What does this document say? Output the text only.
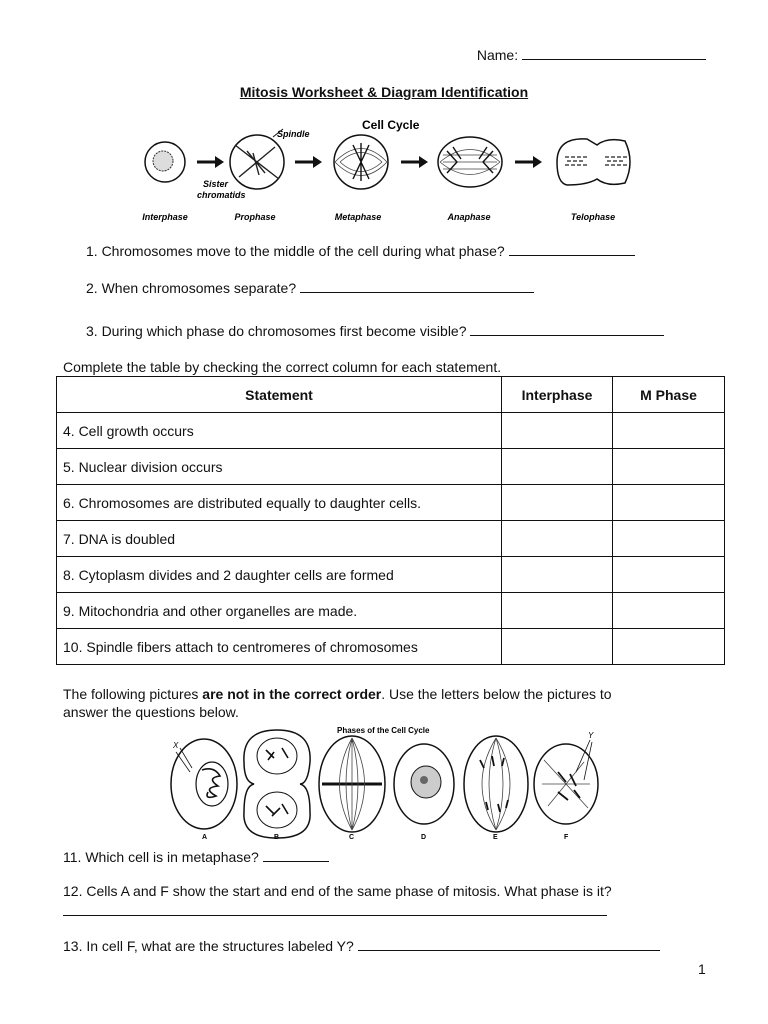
Name:
Mitosis Worksheet & Diagram Identification
Cell Cycle
Spindle
Sister
chromatids
Interphase	Prophase	Metaphase	Anaphase	Telophase
1. Chromosomes move to the middle of the cell during what phase?
2. When chromosomes separate?
3. During which phase do chromosomes first become visible?
Complete the table by checking the correct column for each statement.
Statement	Interphase	M Phase
4. Cell growth occurs		
5. Nuclear division occurs		
6. Chromosomes are distributed equally to daughter cells.		
7. DNA is doubled		
8. Cytoplasm divides and 2 daughter cells are formed		
9. Mitochondria and other organelles are made.		
10. Spindle fibers attach to centromeres of chromosomes		
The following pictures are not in the correct order. Use the letters below the pictures to
answer the questions below.
Phases of the Cell Cycle
X
Y
A	B	C	D	E	F
11. Which cell is in metaphase?
12. Cells A and F show the start and end of the same phase of mitosis. What phase is it?
13. In cell F, what are the structures labeled Y?
1
